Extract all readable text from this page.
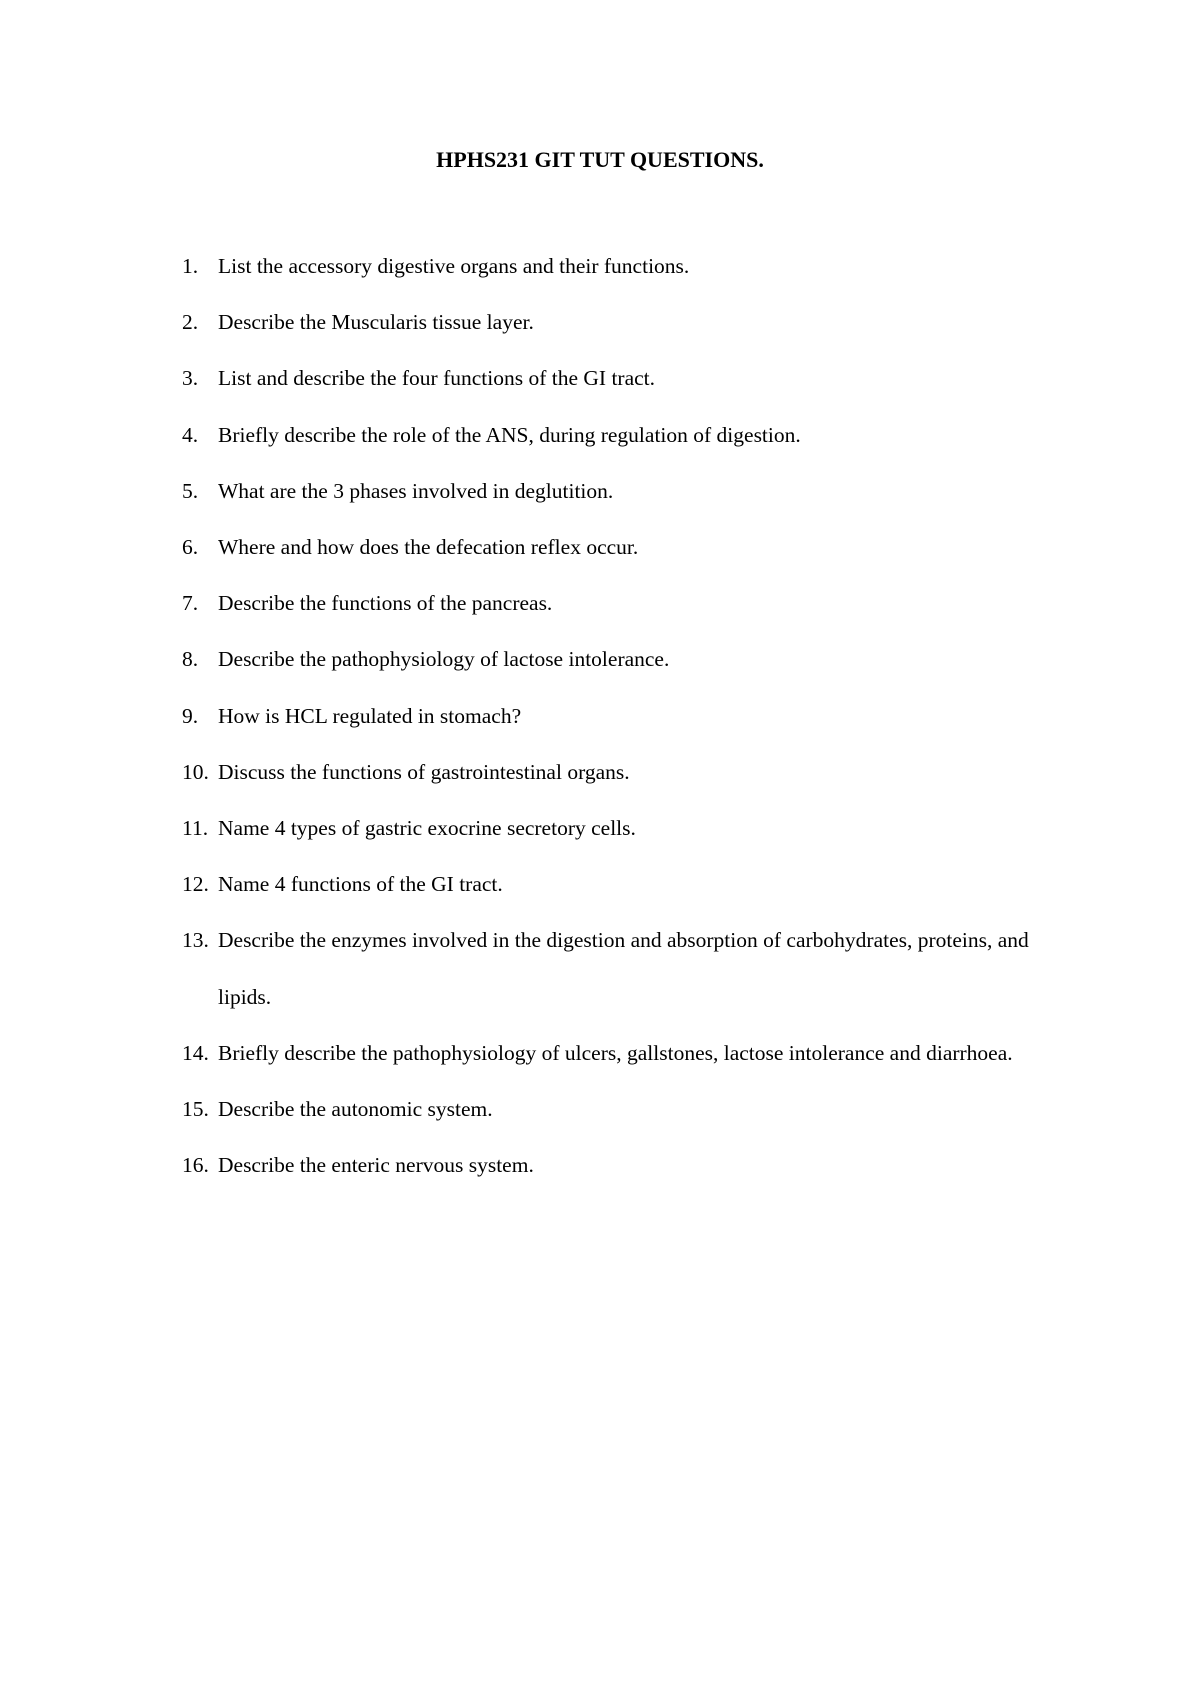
HPHS231 GIT TUT QUESTIONS.
1. List the accessory digestive organs and their functions.
2. Describe the Muscularis tissue layer.
3. List and describe the four functions of the GI tract.
4. Briefly describe the role of the ANS, during regulation of digestion.
5. What are the 3 phases involved in deglutition.
6. Where and how does the defecation reflex occur.
7. Describe the functions of the pancreas.
8. Describe the pathophysiology of lactose intolerance.
9. How is HCL regulated in stomach?
10. Discuss the functions of gastrointestinal organs.
11. Name 4 types of gastric exocrine secretory cells.
12. Name 4 functions of the GI tract.
13. Describe the enzymes involved in the digestion and absorption of carbohydrates, proteins, and lipids.
14. Briefly describe the pathophysiology of ulcers, gallstones, lactose intolerance and diarrhoea.
15. Describe the autonomic system.
16. Describe the enteric nervous system.
